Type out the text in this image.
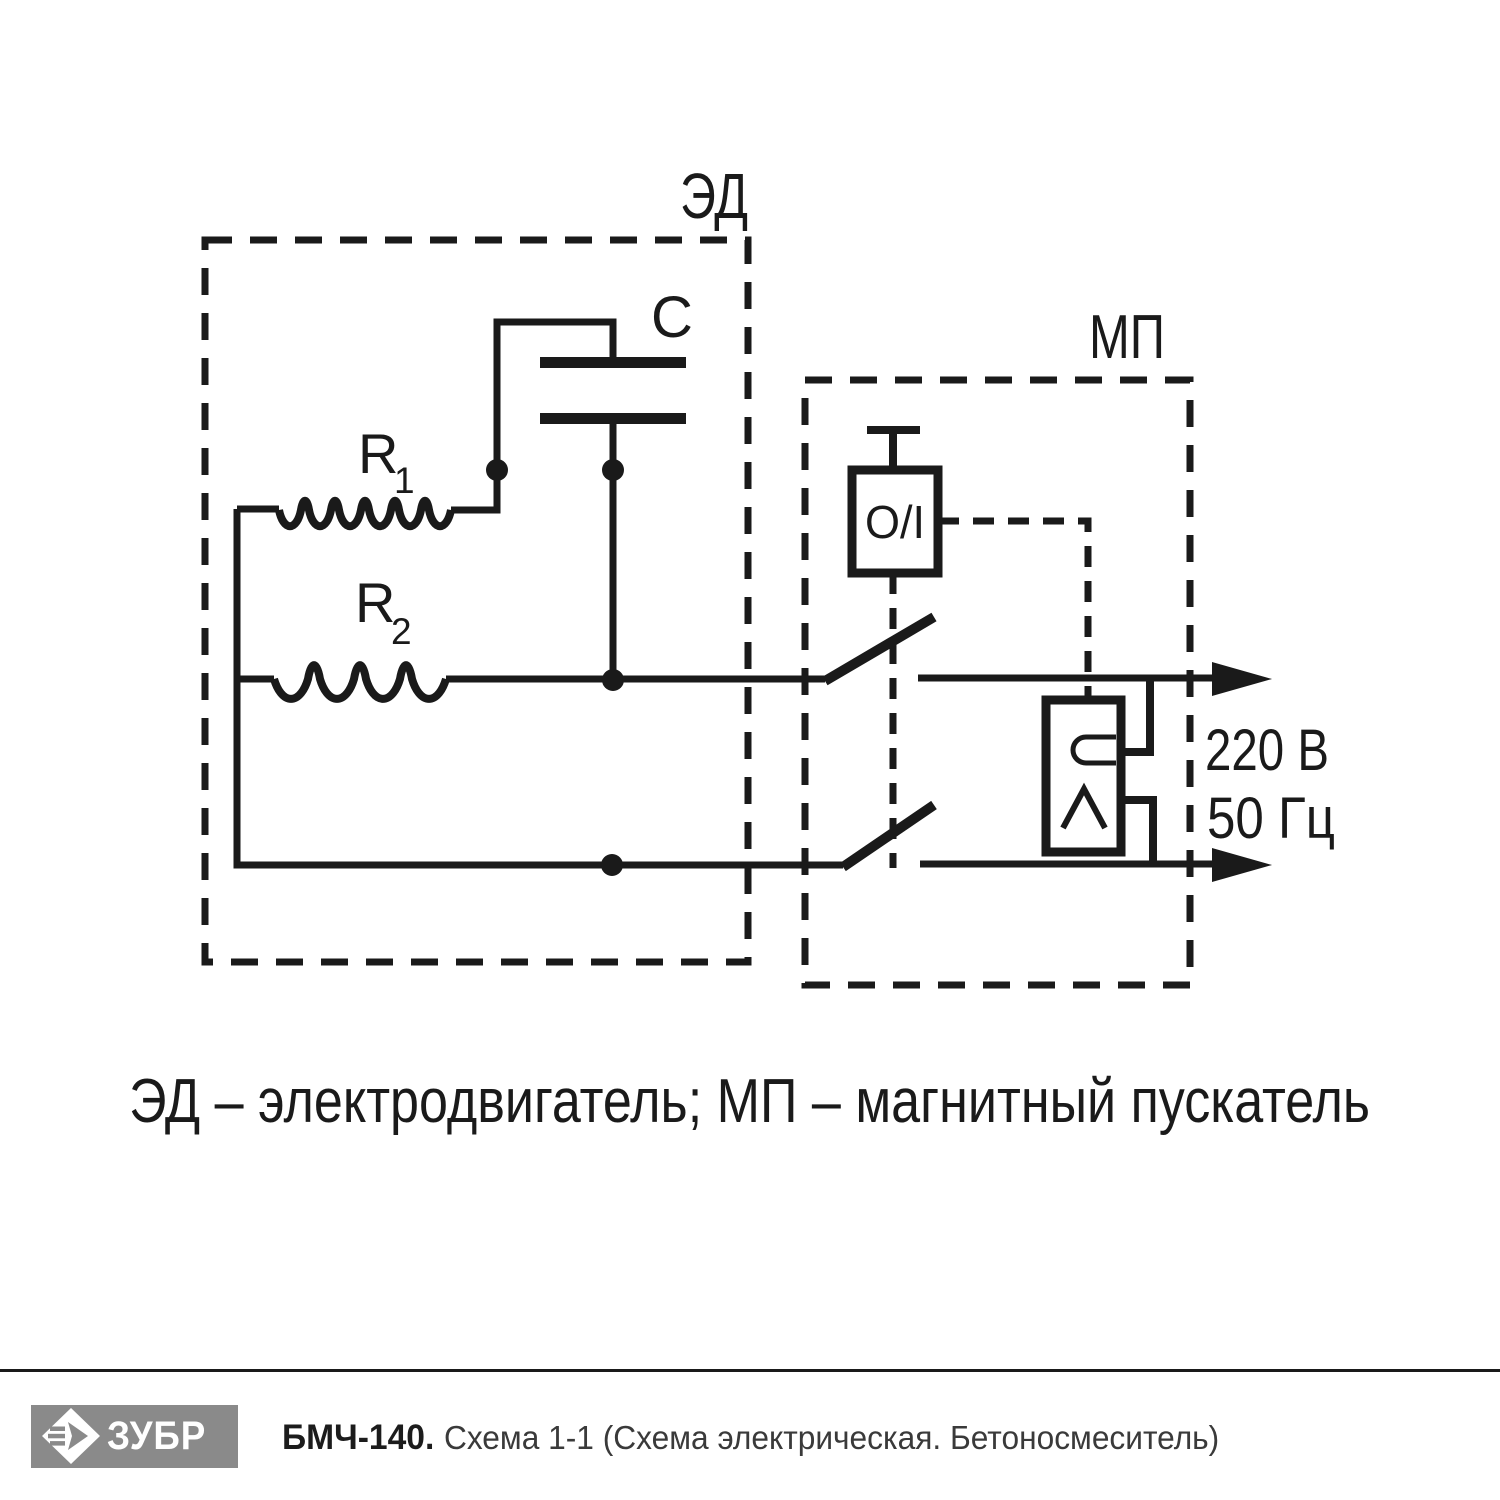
ЭД
МП
C
R
1
R
2
O/I
220 В
50 Гц
ЭД – электродвигатель; МП – магнитный пускатель
ЗУБР	БМЧ-140. Схема 1-1 (Схема электрическая. Бетоносмеситель)
